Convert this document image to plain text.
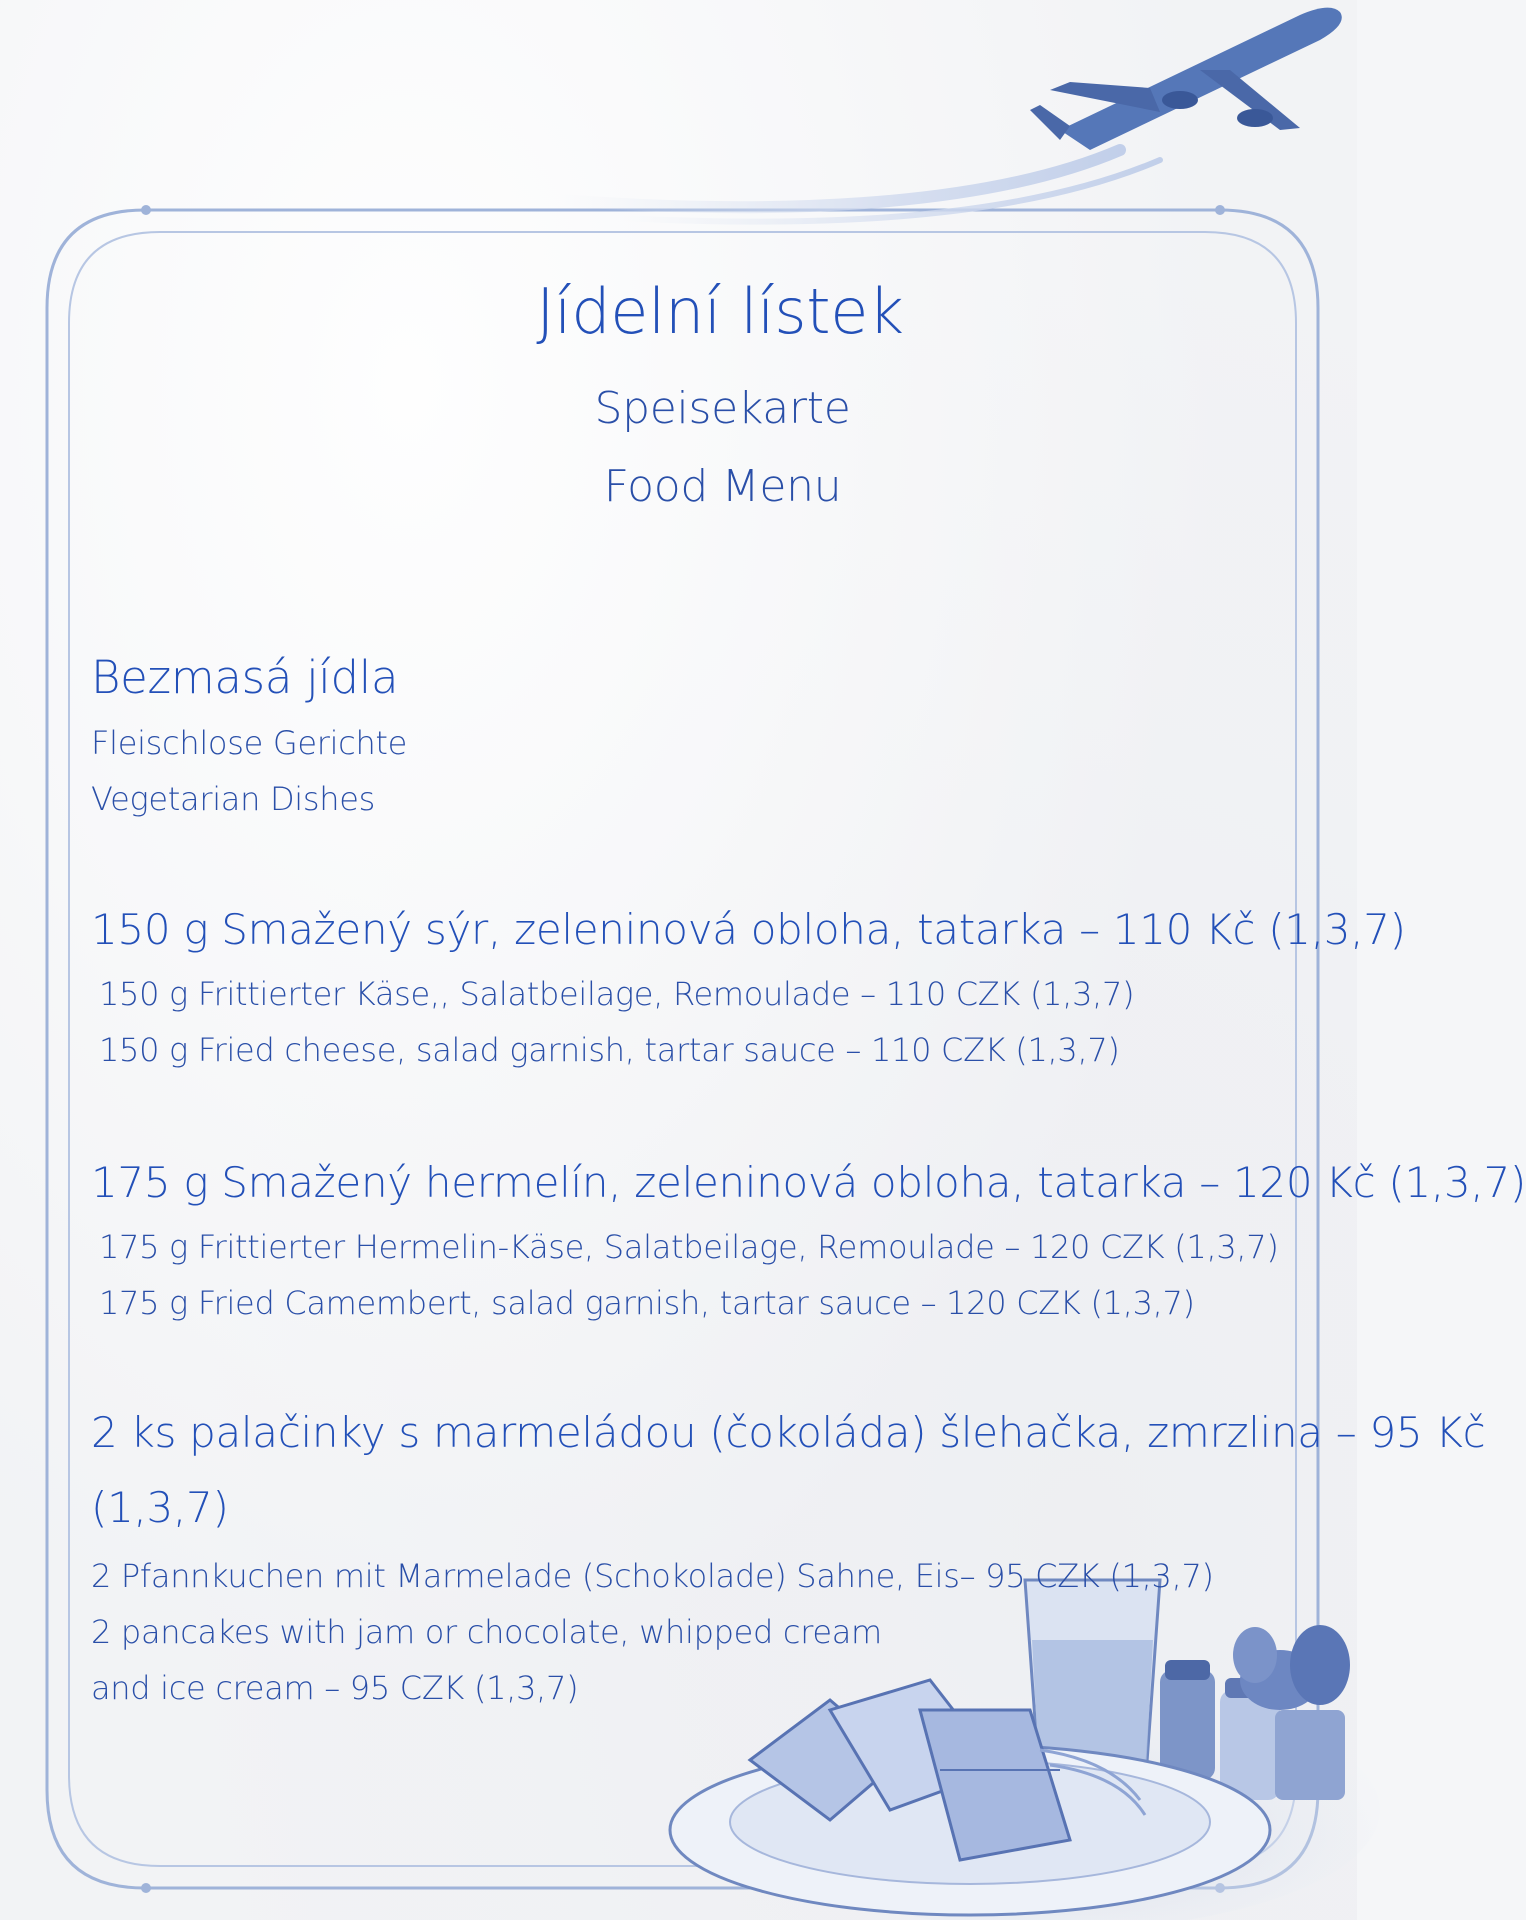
Jídelní lístek
Speisekarte
Food Menu
Bezmasá jídla
Fleischlose Gerichte
Vegetarian Dishes
150 g Smažený sýr, zeleninová obloha, tatarka – 110 Kč (1,3,7)
150 g Frittierter Käse,, Salatbeilage, Remoulade – 110 CZK (1,3,7)
150 g Fried cheese, salad garnish, tartar sauce – 110 CZK (1,3,7)
175 g Smažený hermelín, zeleninová obloha, tatarka – 120 Kč (1,3,7)
175 g Frittierter Hermelin-Käse, Salatbeilage, Remoulade – 120 CZK (1,3,7)
175 g Fried Camembert, salad garnish, tartar sauce – 120 CZK (1,3,7)
2 ks palačinky s marmeládou (čokoláda) šlehačka, zmrzlina – 95 Kč
(1,3,7)
2 Pfannkuchen mit Marmelade (Schokolade) Sahne, Eis– 95 CZK (1,3,7)
2 pancakes with jam or chocolate, whipped cream
and ice cream – 95 CZK (1,3,7)
